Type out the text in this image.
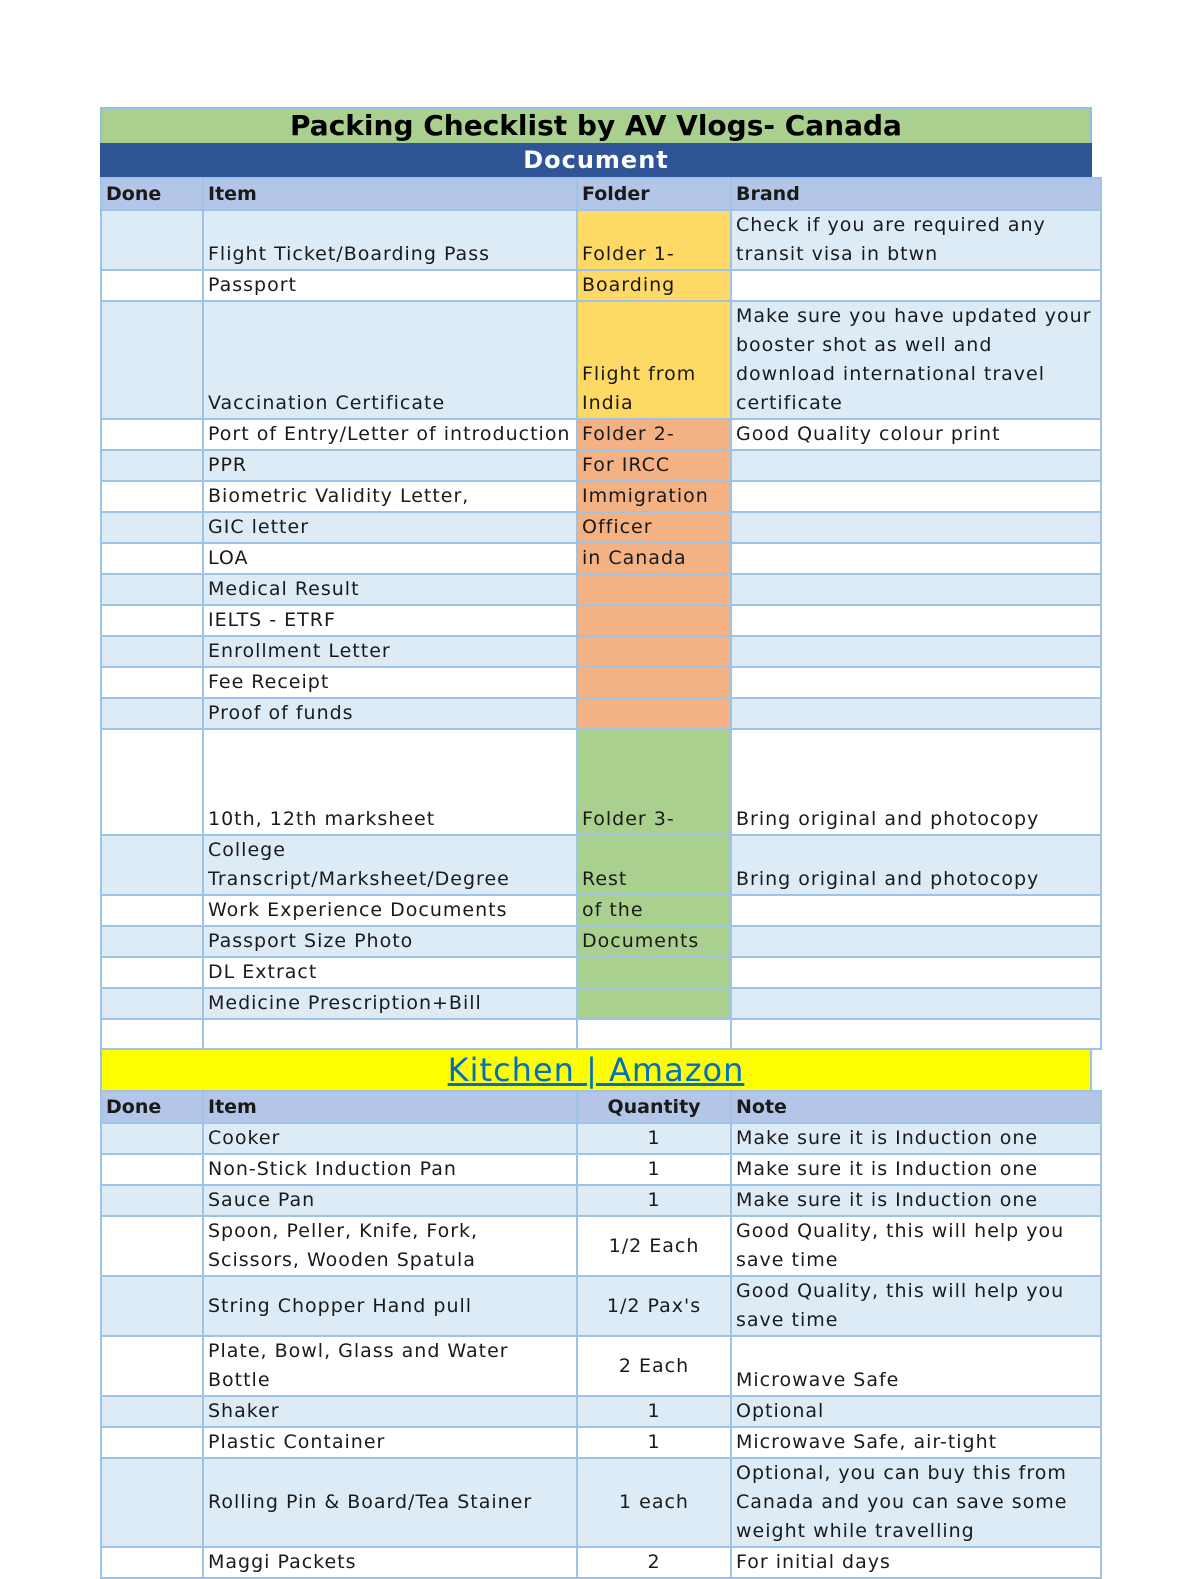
Packing Checklist by AV Vlogs- Canada
Document
Done	Item	Folder	Brand
	Flight Ticket/Boarding Pass	Folder 1-	Check if you are required any transit visa in btwn
	Passport	Boarding	
	Vaccination Certificate	Flight from India	Make sure you have updated your booster shot as well and download international travel certificate
	Port of Entry/Letter of introduction	Folder 2-	Good Quality colour print
	PPR	For IRCC	
	Biometric Validity Letter,	Immigration	
	GIC letter	Officer	
	LOA	in Canada	
	Medical Result		
	IELTS - ETRF		
	Enrollment Letter		
	Fee Receipt		
	Proof of funds		
	10th, 12th marksheet	Folder 3-	Bring original and photocopy
	College Transcript/Marksheet/Degree	Rest	Bring original and photocopy
	Work Experience Documents	of the	
	Passport Size Photo	Documents	
	DL Extract		
	Medicine Prescription+Bill		

Kitchen | Amazon
Done	Item	Quantity	Note
	Cooker	1	Make sure it is Induction one
	Non-Stick Induction Pan	1	Make sure it is Induction one
	Sauce Pan	1	Make sure it is Induction one
	Spoon, Peller, Knife, Fork, Scissors, Wooden Spatula	1/2 Each	Good Quality, this will help you save time
	String Chopper Hand pull	1/2 Pax's	Good Quality, this will help you save time
	Plate, Bowl, Glass and Water Bottle	2 Each	Microwave Safe
	Shaker	1	Optional
	Plastic Container	1	Microwave Safe, air-tight
	Rolling Pin & Board/Tea Stainer	1 each	Optional, you can buy this from Canada and you can save some weight while travelling
	Maggi Packets	2	For initial days
